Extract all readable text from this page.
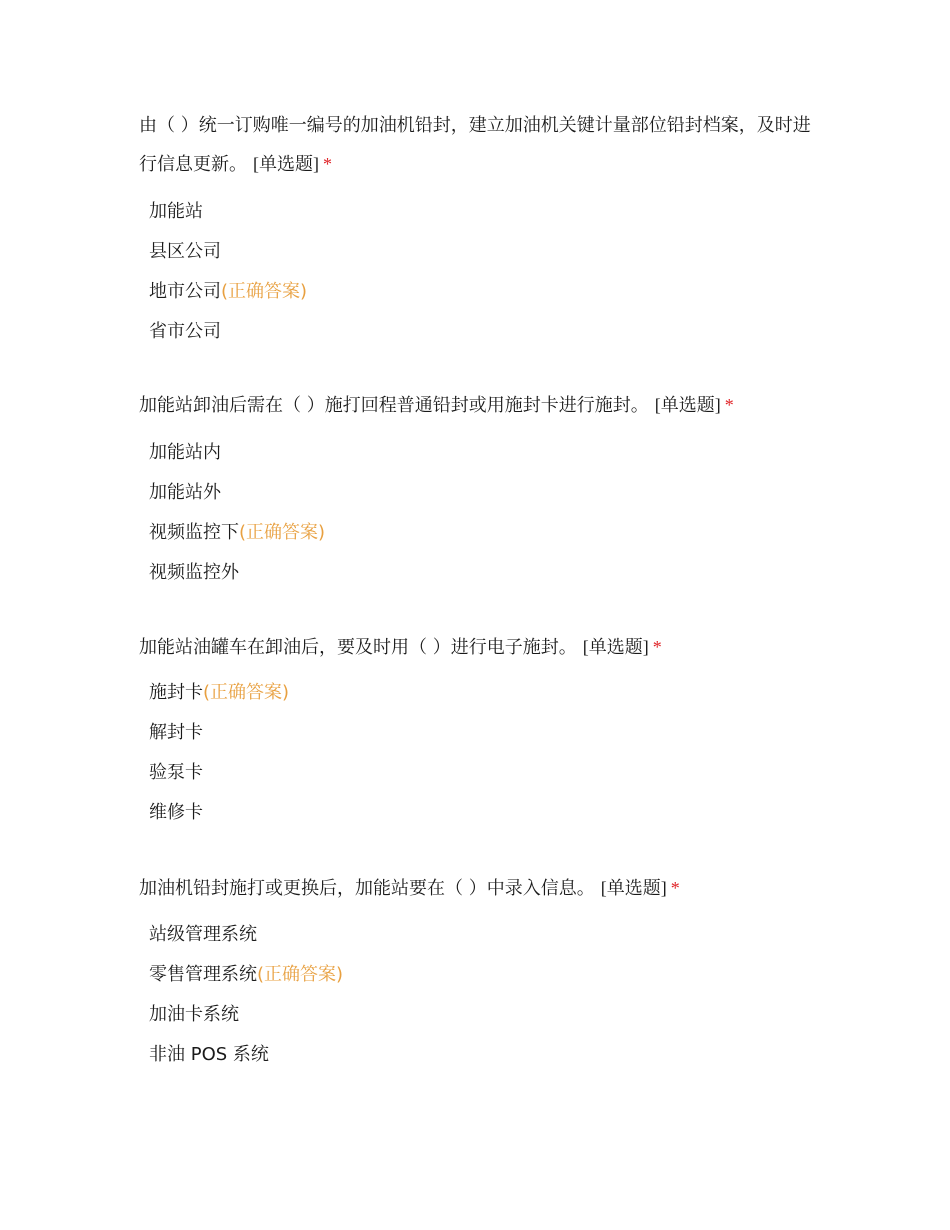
由（ ）统一订购唯一编号的加油机铅封，建立加油机关键计量部位铅封档案，及时进行信息更新。 [单选题] *

加能站
县区公司
地市公司(正确答案)
省市公司

加能站卸油后需在（ ）施打回程普通铅封或用施封卡进行施封。 [单选题] *

加能站内
加能站外
视频监控下(正确答案)
视频监控外

加能站油罐车在卸油后，要及时用（ ）进行电子施封。 [单选题] *

施封卡(正确答案)
解封卡
验泵卡
维修卡

加油机铅封施打或更换后，加能站要在（ ）中录入信息。 [单选题] *

站级管理系统
零售管理系统(正确答案)
加油卡系统
非油 POS 系统
